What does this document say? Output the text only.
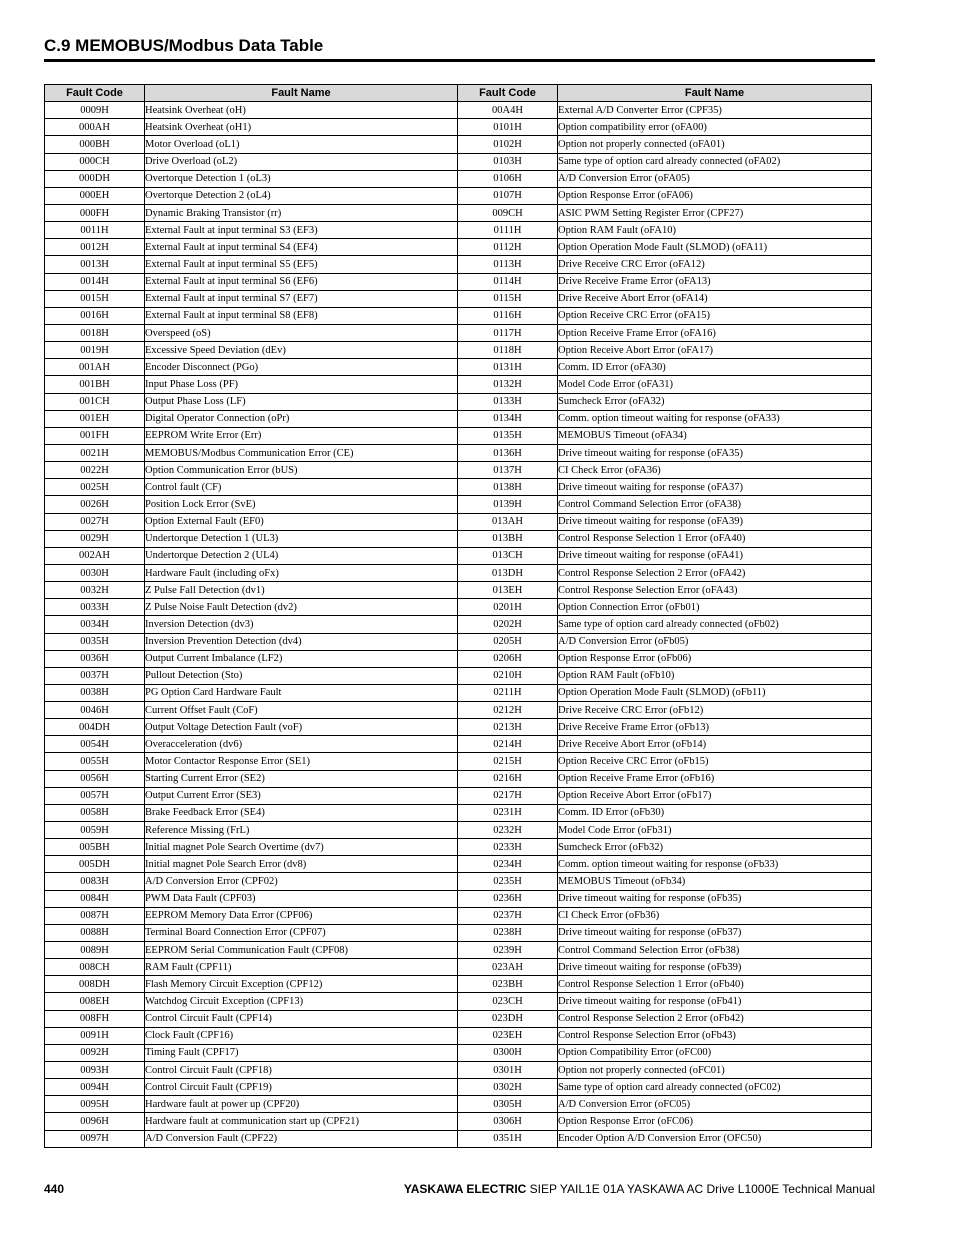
C.9 MEMOBUS/Modbus Data Table
Fault Code	Fault Name	Fault Code	Fault Name
0009H	Heatsink Overheat (oH)	00A4H	External A/D Converter Error (CPF35)
000AH	Heatsink Overheat (oH1)	0101H	Option compatibility error (oFA00)
000BH	Motor Overload (oL1)	0102H	Option not properly connected (oFA01)
000CH	Drive Overload (oL2)	0103H	Same type of option card already connected (oFA02)
000DH	Overtorque Detection 1 (oL3)	0106H	A/D Conversion Error (oFA05)
000EH	Overtorque Detection 2 (oL4)	0107H	Option Response Error (oFA06)
000FH	Dynamic Braking Transistor (rr)	009CH	ASIC PWM Setting Register Error (CPF27)
0011H	External Fault at input terminal S3 (EF3)	0111H	Option RAM Fault (oFA10)
0012H	External Fault at input terminal S4 (EF4)	0112H	Option Operation Mode Fault (SLMOD) (oFA11)
0013H	External Fault at input terminal S5 (EF5)	0113H	Drive Receive CRC Error (oFA12)
0014H	External Fault at input terminal S6 (EF6)	0114H	Drive Receive Frame Error (oFA13)
0015H	External Fault at input terminal S7 (EF7)	0115H	Drive Receive Abort Error (oFA14)
0016H	External Fault at input terminal S8 (EF8)	0116H	Option Receive CRC Error (oFA15)
0018H	Overspeed (oS)	0117H	Option Receive Frame Error (oFA16)
0019H	Excessive Speed Deviation (dEv)	0118H	Option Receive Abort Error (oFA17)
001AH	Encoder Disconnect (PGo)	0131H	Comm. ID Error (oFA30)
001BH	Input Phase Loss (PF)	0132H	Model Code Error (oFA31)
001CH	Output Phase Loss (LF)	0133H	Sumcheck Error (oFA32)
001EH	Digital Operator Connection (oPr)	0134H	Comm. option timeout waiting for response (oFA33)
001FH	EEPROM Write Error (Err)	0135H	MEMOBUS Timeout (oFA34)
0021H	MEMOBUS/Modbus Communication Error (CE)	0136H	Drive timeout waiting for response (oFA35)
0022H	Option Communication Error (bUS)	0137H	CI Check Error (oFA36)
0025H	Control fault (CF)	0138H	Drive timeout waiting for response (oFA37)
0026H	Position Lock Error (SvE)	0139H	Control Command Selection Error (oFA38)
0027H	Option External Fault (EF0)	013AH	Drive timeout waiting for response (oFA39)
0029H	Undertorque Detection 1 (UL3)	013BH	Control Response Selection 1 Error (oFA40)
002AH	Undertorque Detection 2 (UL4)	013CH	Drive timeout waiting for response (oFA41)
0030H	Hardware Fault (including oFx)	013DH	Control Response Selection 2 Error (oFA42)
0032H	Z Pulse Fall Detection (dv1)	013EH	Control Response Selection Error (oFA43)
0033H	Z Pulse Noise Fault Detection (dv2)	0201H	Option Connection Error (oFb01)
0034H	Inversion Detection (dv3)	0202H	Same type of option card already connected (oFb02)
0035H	Inversion Prevention Detection (dv4)	0205H	A/D Conversion Error (oFb05)
0036H	Output Current Imbalance (LF2)	0206H	Option Response Error (oFb06)
0037H	Pullout Detection (Sto)	0210H	Option RAM Fault (oFb10)
0038H	PG Option Card Hardware Fault	0211H	Option Operation Mode Fault (SLMOD) (oFb11)
0046H	Current Offset Fault (CoF)	0212H	Drive Receive CRC Error (oFb12)
004DH	Output Voltage Detection Fault (voF)	0213H	Drive Receive Frame Error (oFb13)
0054H	Overacceleration (dv6)	0214H	Drive Receive Abort Error (oFb14)
0055H	Motor Contactor Response Error (SE1)	0215H	Option Receive CRC Error (oFb15)
0056H	Starting Current Error (SE2)	0216H	Option Receive Frame Error (oFb16)
0057H	Output Current Error (SE3)	0217H	Option Receive Abort Error (oFb17)
0058H	Brake Feedback Error (SE4)	0231H	Comm. ID Error (oFb30)
0059H	Reference Missing (FrL)	0232H	Model Code Error (oFb31)
005BH	Initial magnet Pole Search Overtime (dv7)	0233H	Sumcheck Error (oFb32)
005DH	Initial magnet Pole Search Error (dv8)	0234H	Comm. option timeout waiting for response (oFb33)
0083H	A/D Conversion Error (CPF02)	0235H	MEMOBUS Timeout (oFb34)
0084H	PWM Data Fault (CPF03)	0236H	Drive timeout waiting for response (oFb35)
0087H	EEPROM Memory Data Error (CPF06)	0237H	CI Check Error (oFb36)
0088H	Terminal Board Connection Error (CPF07)	0238H	Drive timeout waiting for response (oFb37)
0089H	EEPROM Serial Communication Fault (CPF08)	0239H	Control Command Selection Error (oFb38)
008CH	RAM Fault (CPF11)	023AH	Drive timeout waiting for response (oFb39)
008DH	Flash Memory Circuit Exception (CPF12)	023BH	Control Response Selection 1 Error (oFb40)
008EH	Watchdog Circuit Exception (CPF13)	023CH	Drive timeout waiting for response (oFb41)
008FH	Control Circuit Fault (CPF14)	023DH	Control Response Selection 2 Error (oFb42)
0091H	Clock Fault (CPF16)	023EH	Control Response Selection Error (oFb43)
0092H	Timing Fault (CPF17)	0300H	Option Compatibility Error (oFC00)
0093H	Control Circuit Fault (CPF18)	0301H	Option not properly connected (oFC01)
0094H	Control Circuit Fault (CPF19)	0302H	Same type of option card already connected (oFC02)
0095H	Hardware fault at power up (CPF20)	0305H	A/D Conversion Error (oFC05)
0096H	Hardware fault at communication start up (CPF21)	0306H	Option Response Error (oFC06)
0097H	A/D Conversion Fault (CPF22)	0351H	Encoder Option A/D Conversion Error (OFC50)
440	YASKAWA ELECTRIC SIEP YAIL1E 01A YASKAWA AC Drive L1000E Technical Manual
